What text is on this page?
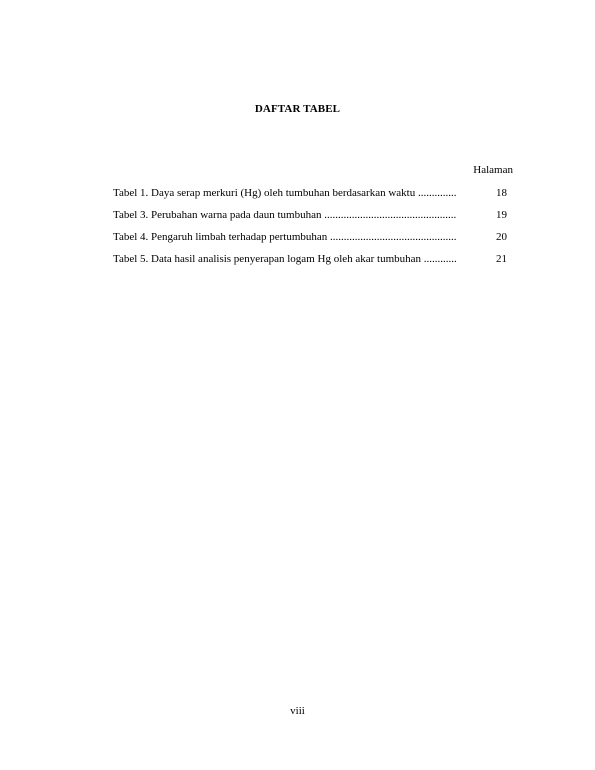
DAFTAR TABEL
Halaman
Tabel 1. Daya serap merkuri (Hg) oleh tumbuhan berdasarkan waktu ..............	18
Tabel 3. Perubahan warna pada daun tumbuhan ................................................	19
Tabel 4. Pengaruh limbah terhadap pertumbuhan ..............................................	20
Tabel 5. Data hasil analisis penyerapan logam Hg oleh akar tumbuhan ............	21
viii
